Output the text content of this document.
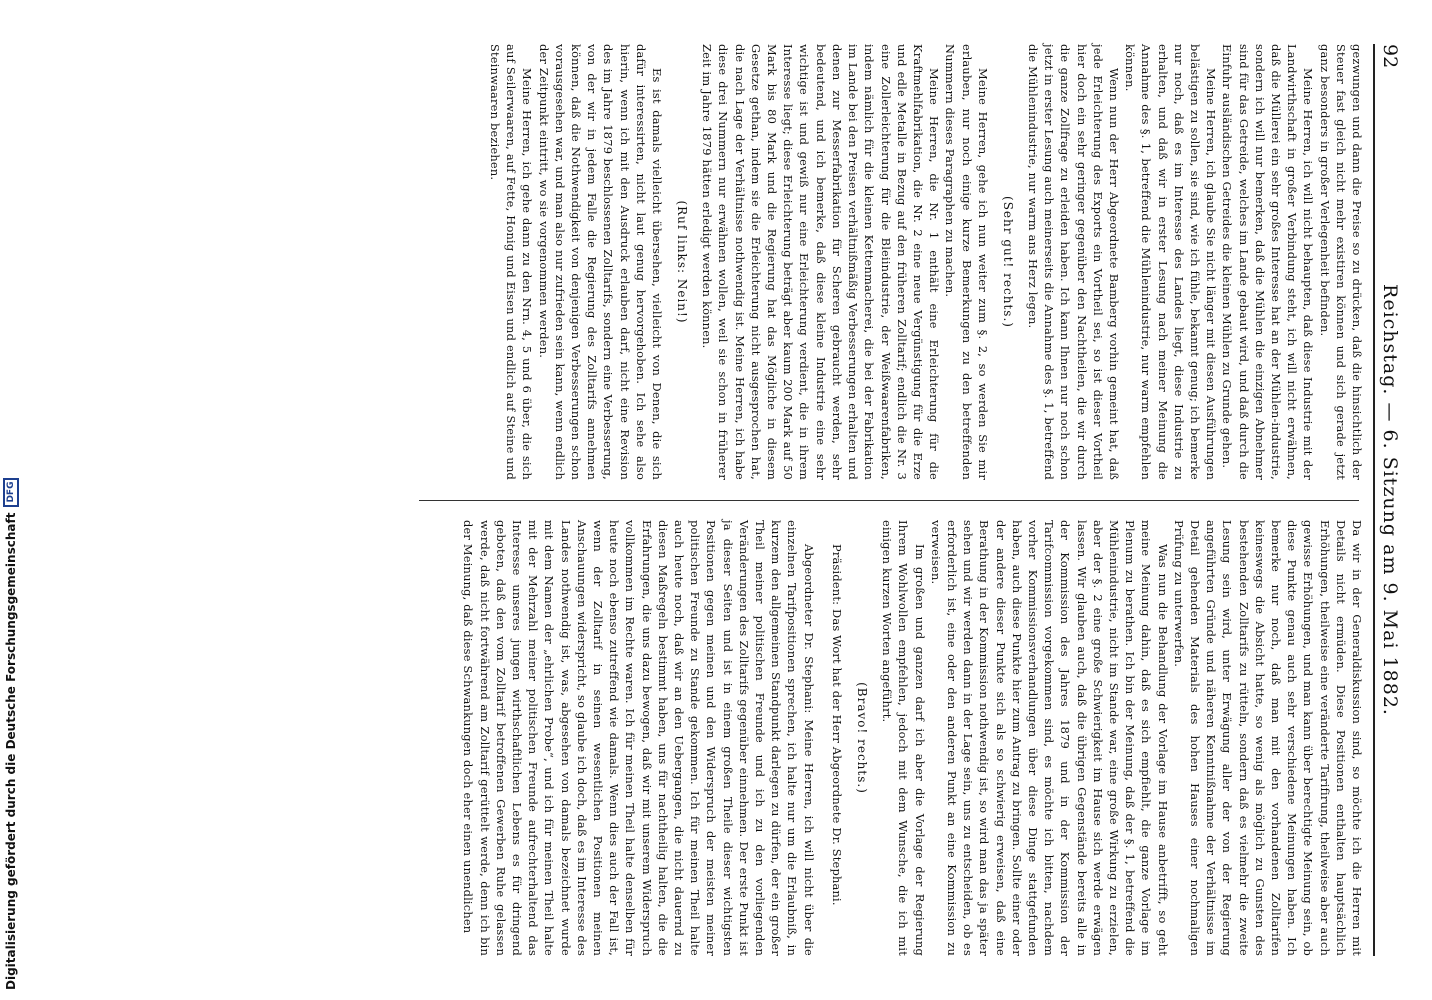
92
Reichstag. — 6. Sitzung am 9. Mai 1882.

gezwungen und dann die Preise so zu drücken, daß die hinsichtlich der Steuer fast gleich nicht mehr existiren können und sich gerade jetzt ganz besonders in großer Verlegenheit befinden.

Meine Herren, ich will nicht behaupten, daß diese Industrie mit der Landwirthschaft in großer Verbindung steht, ich will nicht erwähnen, daß die Müllerei ein sehr großes Interesse hat an der Mühlen-industrie, sondern ich will nur bemerken, daß die Mühlen die einzigen Abnehmer sind für das Getreide, welches im Lande gebaut wird, und daß durch die Einfuhr ausländischen Getreides die kleinen Mühlen zu Grunde gehen.

Meine Herren, ich glaube Sie nicht länger mit diesen Ausführungen belästigen zu sollen, sie sind, wie ich fühle, bekannt genug; ich bemerke nur noch, daß es im Interesse des Landes liegt, diese Industrie zu erhalten, und daß wir in erster Lesung nach meiner Meinung die Annahme des §. 1, betreffend die Mühlenindustrie, nur warm empfehlen können.

Wenn nun der Herr Abgeordnete Bamberg vorhin gemeint hat, daß jede Erleichterung des Exports ein Vortheil sei, so ist dieser Vortheil hier doch ein sehr geringer gegenüber den Nachtheilen, die wir durch die ganze Zollfrage zu erleiden haben. Ich kann Ihnen nur noch schon jetzt in erster Lesung auch meinerseits die Annahme des §. 1, betreffend die Mühlenindustrie, nur warm ans Herz legen.

(Sehr gut! rechts.)

Meine Herren, gehe ich nun weiter zum §. 2, so werden Sie mir erlauben, nur noch einige kurze Bemerkungen zu den betreffenden Nummern dieses Paragraphen zu machen.

Meine Herren, die Nr. 1 enthält eine Erleichterung für die Kraftmehlfabrikation, die Nr. 2 eine neue Vergünstigung für die Erze und edle Metalle in Bezug auf den früheren Zolltarif; endlich die Nr. 3 eine Zollerleichterung für die Bleiindustrie, der Weißwaarenfabriken, indem nämlich für die kleinen Kettenmacherei, die bei der Fabrikation im Lande bei den Preisen verhältnißmäßig Verbesserungen erhalten und denen zur Messerfabrikation für Scheren gebraucht werden, sehr bedeutend, und ich bemerke, daß diese kleine Industrie eine sehr wichtige ist und gewiß nur eine Erleichterung verdient, die in ihrem Interesse liegt; diese Erleichterung beträgt aber kaum 200 Mark auf 50 Mark bis 80 Mark und die Regierung hat das Mögliche in diesem Gesetze gethan, indem sie die Erleichterung nicht ausgesprochen hat, die nach Lage der Verhältnisse nothwendig ist. Meine Herren, ich habe diese drei Nummern nur erwähnen wollen, weil sie schon in früherer Zeit im Jahre 1879 hätten erledigt werden können.

(Ruf links: Nein!)

Es ist damals vielleicht übersehen, vielleicht von Denen, die sich dafür interessirten, nicht laut genug hervorgehoben. Ich sehe also hierin, wenn ich mit den Ausdruck erlauben darf, nicht eine Revision des im Jahre 1879 beschlossenen Zolltarifs, sondern eine Verbesserung, von der wir in jedem Falle die Regierung des Zolltarifs annehmen können, daß die Nothwendigkeit von denjenigen Verbesserungen schon vorausgesehen war, und man also nur zufrieden sein kann, wenn endlich der Zeitpunkt eintritt, wo sie vorgenommen werden.

Meine Herren, ich gehe dann zu den Nrn. 4, 5 und 6 über, die sich auf Seilerwaaren, auf Fette, Honig und Eisen und endlich auf Steine und Steinwaaren beziehen.

Da wir in der Generaldiskussion sind, so möchte ich die Herren mit Details nicht ermüden. Diese Positionen enthalten hauptsächlich Erhöhungen, theilweise eine veränderte Tarifirung, theilweise aber auch gewisse Erhöhungen, und man kann über berechtigte Meinung sein, ob diese Punkte genau auch sehr verschiedene Meinungen haben. Ich bemerke nur noch, daß man mit den vorhandenen Zolltarifen keineswegs die Absicht hatte, so wenig als möglich zu Gunsten des bestehenden Zolltarifs zu rütteln, sondern daß es vielmehr die zweite Lesung sein wird, unter Erwägung aller der von der Regierung angeführten Gründe und näheren Kenntnißnahme der Verhältnisse im Detail gehenden Materials des hohen Hauses einer nochmaligen Prüfung zu unterwerfen.

Was nun die Behandlung der Vorlage im Hause anbetrifft, so geht meine Meinung dahin, daß es sich empfiehlt, die ganze Vorlage im Plenum zu berathen. Ich bin der Meinung, daß der §. 1, betreffend die Mühlenindustrie, nicht im Stande war, eine große Wirkung zu erzielen, aber der §. 2 eine große Schwierigkeit im Hause sich werde erwägen lassen. Wir glauben auch, daß die übrigen Gegenstände bereits alle in der Kommission des Jahres 1879 und in der Kommission der Tarifcommission vorgekommen sind, es möchte ich bitten, nachdem vorher Kommissionsverhandlungen über diese Dinge stattgefunden haben, auch diese Punkte hier zum Antrag zu bringen. Sollte einer oder der andere dieser Punkte sich als so schwierig erweisen, daß eine Berathung in der Kommission nothwendig ist, so wird man das ja später sehen und wir werden dann in der Lage sein, uns zu entscheiden, ob es erforderlich ist, eine oder den anderen Punkt an eine Kommission zu verweisen.

Im großen und ganzen darf ich aber die Vorlage der Regierung Ihrem Wohlwollen empfehlen, jedoch mit dem Wunsche, die ich mit einigen kurzen Worten angeführt.

(Bravo! rechts.)

Präsident: Das Wort hat der Herr Abgeordnete Dr. Stephani.

Abgeordneter Dr. Stephani: Meine Herren, ich will nicht über die einzelnen Tarifpositionen sprechen, ich halte nur um die Erlaubniß, in kurzem den allgemeinen Standpunkt darlegen zu dürfen, der ein großer Theil meiner politischen Freunde und ich zu den vorliegenden Veränderungen des Zolltarifs gegenüber einnehmen. Der erste Punkt ist ja dieser Seiten und ist in einem großen Theile dieser wichtigsten Positionen gegen meinen und den Widerspruch der meisten meiner politischen Freunde zu Stande gekommen. Ich für meinen Theil halte auch heute noch, daß wir an den Uebergangen, die nicht dauernd zu diesen Maßregeln bestimmt haben, uns für nachtheilig halten, die die Erfahrungen, die uns dazu bewogen, daß wir mit unserem Widerspruch vollkommen im Rechte waren. Ich für meinen Theil halte denselben für heute noch ebenso zutreffend wie damals. Wenn dies auch der Fall ist, wenn der Zolltarif in seinen wesentlichen Positionen meinen Anschauungen widerspricht, so glaube ich doch, daß es im Interesse des Landes nothwendig ist, was, abgesehen von damals bezeichnet wurde mit dem Namen der „ehrlichen Probe“, und ich für meinen Theil halte mit der Mehrzahl meiner politischen Freunde aufrechterhaltend das Interesse unseres jungen wirthschaftlichen Lebens es für dringend geboten, daß den vom Zolltarif betroffenen Gewerben Ruhe gelassen werde, daß nicht fortwährend am Zolltarif gerüttelt werde, denn ich bin der Meinung, daß diese Schwankungen doch eher einen unendlichen

Digitalisierung gefördert durch die Deutsche Forschungsgemeinschaft
DFG
